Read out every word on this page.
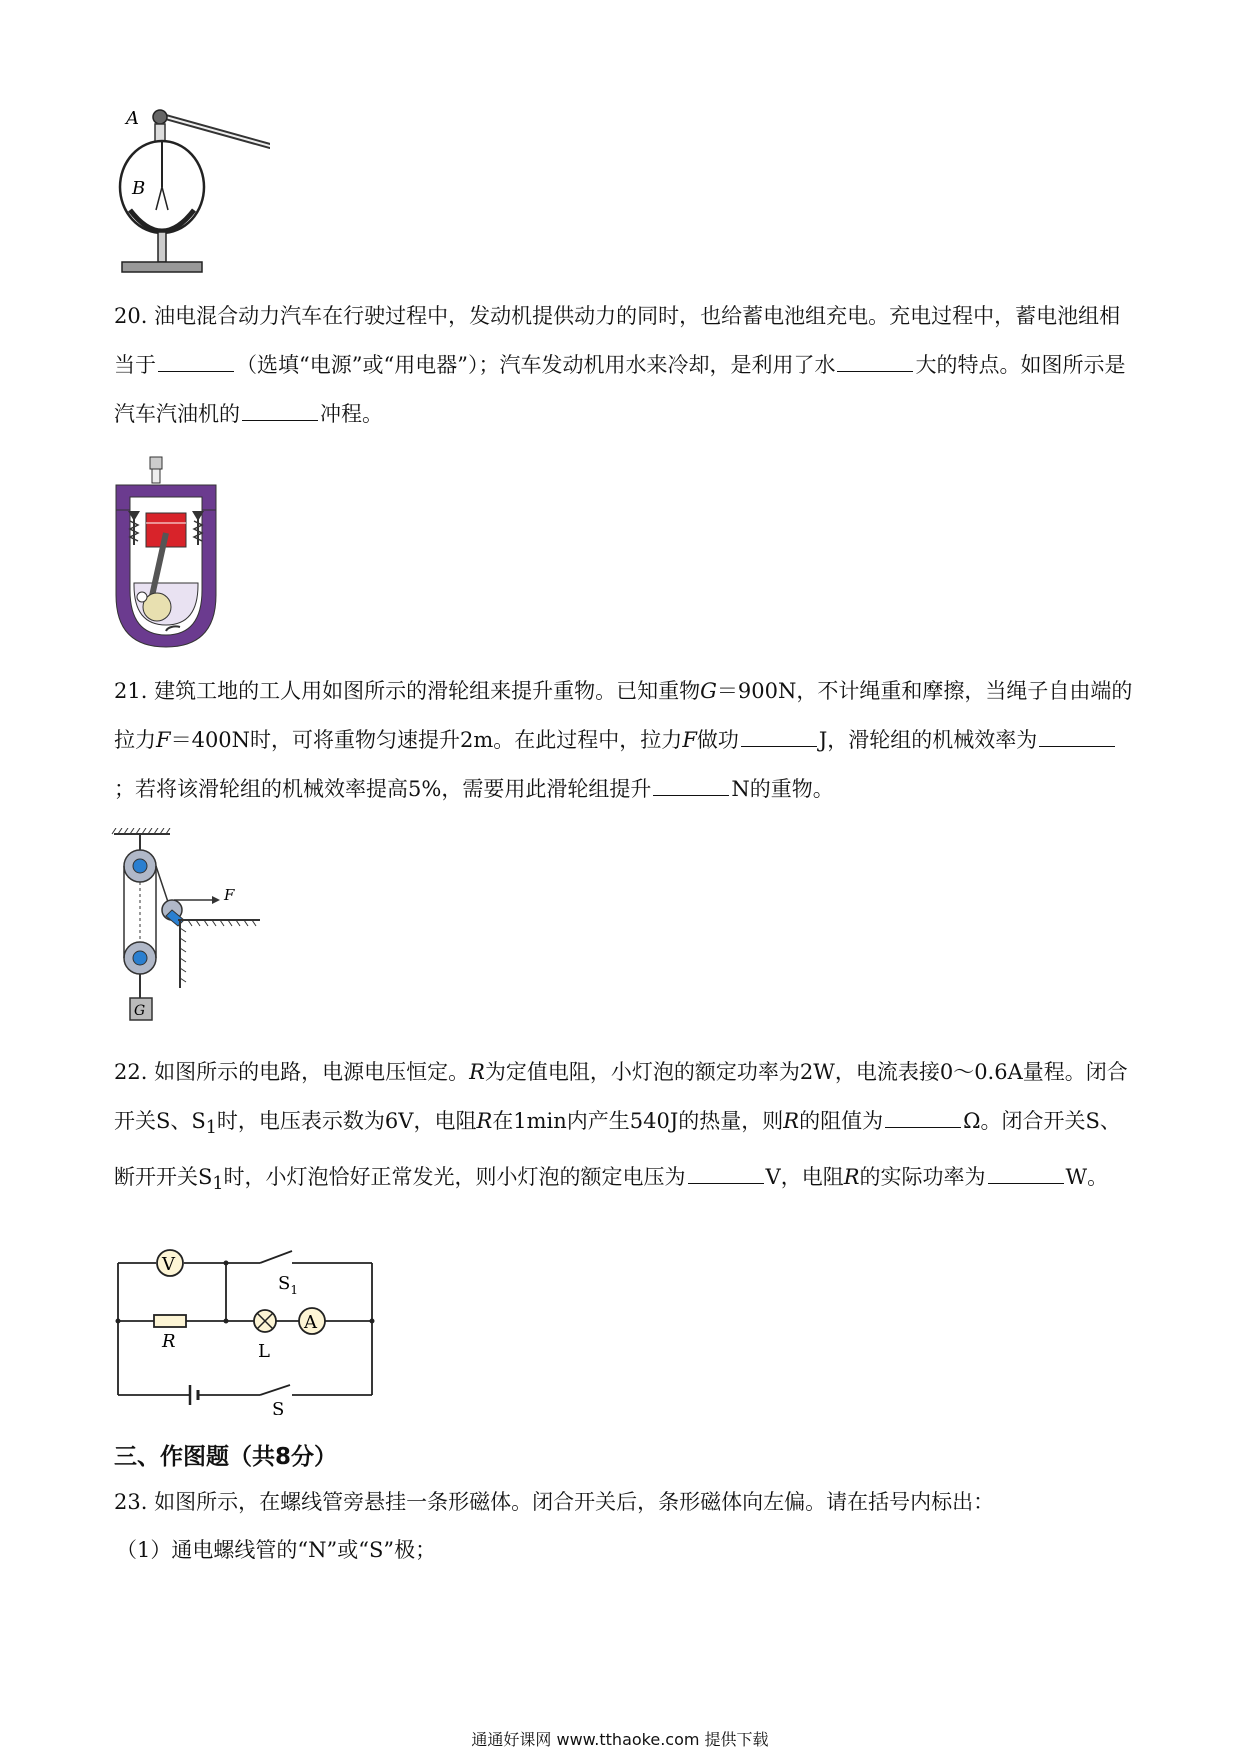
A
B
20. 油电混合动力汽车在行驶过程中，发动机提供动力的同时，也给蓄电池组充电。充电过程中，蓄电池组相当于	（选填“电源”或“用电器”）；汽车发动机用水来冷却，是利用了水	大的特点。如图所示是汽车汽油机的	冲程。
21. 建筑工地的工人用如图所示的滑轮组来提升重物。已知重物G＝900N，不计绳重和摩擦，当绳子自由端的拉力F＝400N时，可将重物匀速提升2m。在此过程中，拉力F做功	J，滑轮组的机械效率为；若将该滑轮组的机械效率提高5%，需要用此滑轮组提升	N的重物。
F
G
22. 如图所示的电路，电源电压恒定。R为定值电阻，小灯泡的额定功率为2W，电流表接0～0.6A量程。闭合开关S、$S_1$时，电压表示数为6V，电阻R在1min内产生540J的热量，则R的阻值为	Ω。闭合开关S、断开开关$S_1$时，小灯泡恰好正常发光，则小灯泡的额定电压为	V，电阻R的实际功率为	W。
V
R	L
A
$S_1$
S
三、作图题（共8分）
23. 如图所示，在螺线管旁悬挂一条形磁体。闭合开关后，条形磁体向左偏。请在括号内标出：
（1）通电螺线管的“N”或“S”极；
通通好课网 www.tthaoke.com 提供下载
